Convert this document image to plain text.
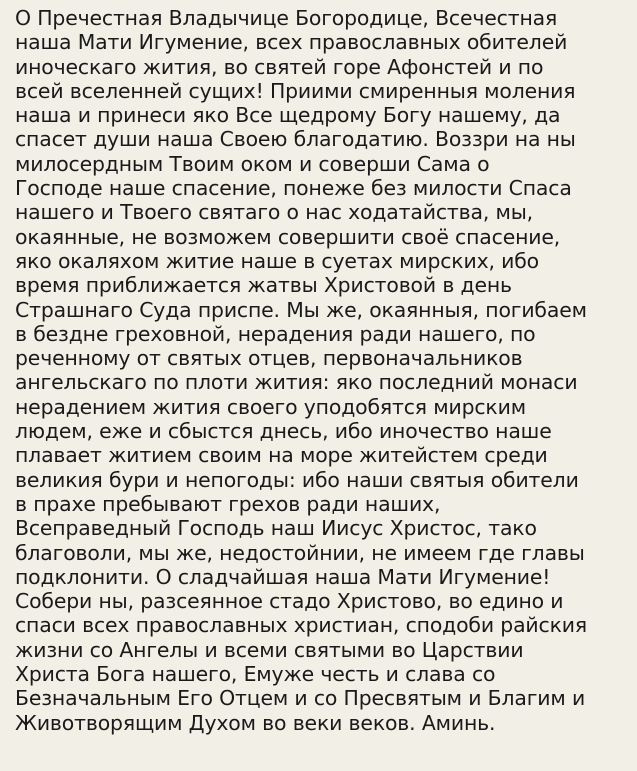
О Пречестная Владычице Богородице, Всечестная
наша Мати Игумение, всех православных обителей
иноческаго жития, во святей горе Афонстей и по
всей вселенней сущих! Приими смиренныя моления
наша и принеси яко Все щедрому Богу нашему, да
спасет души наша Своею благодатию. Воззри на ны
милосердным Твоим оком и соверши Сама о
Господе наше спасение, понеже без милости Спаса
нашего и Твоего святаго о нас ходатайства, мы,
окаянные, не возможем совершити своё спасение,
яко окаляхом житие наше в суетах мирских, ибо
время приближается жатвы Христовой в день
Страшнаго Суда приспе. Мы же, окаянныя, погибаем
в бездне греховной, нерадения ради нашего, по
реченному от святых отцев, первоначальников
ангельскаго по плоти жития: яко последний монаси
нерадением жития своего уподобятся мирским
людем, еже и сбыстся днесь, ибо иночество наше
плавает житием своим на море житейстем среди
великия бури и непогоды: ибо наши святыя обители
в прахе пребывают грехов ради наших,
Всеправедный Господь наш Иисус Христос, тако
благоволи, мы же, недостойнии, не имеем где главы
подклонити. О сладчайшая наша Мати Игумение!
Собери ны, разсеянное стадо Христово, во едино и
спаси всех православных христиан, сподоби райския
жизни со Ангелы и всеми святыми во Царствии
Христа Бога нашего, Емуже честь и слава со
Безначальным Его Отцем и со Пресвятым и Благим и
Животворящим Духом во веки веков. Аминь.
